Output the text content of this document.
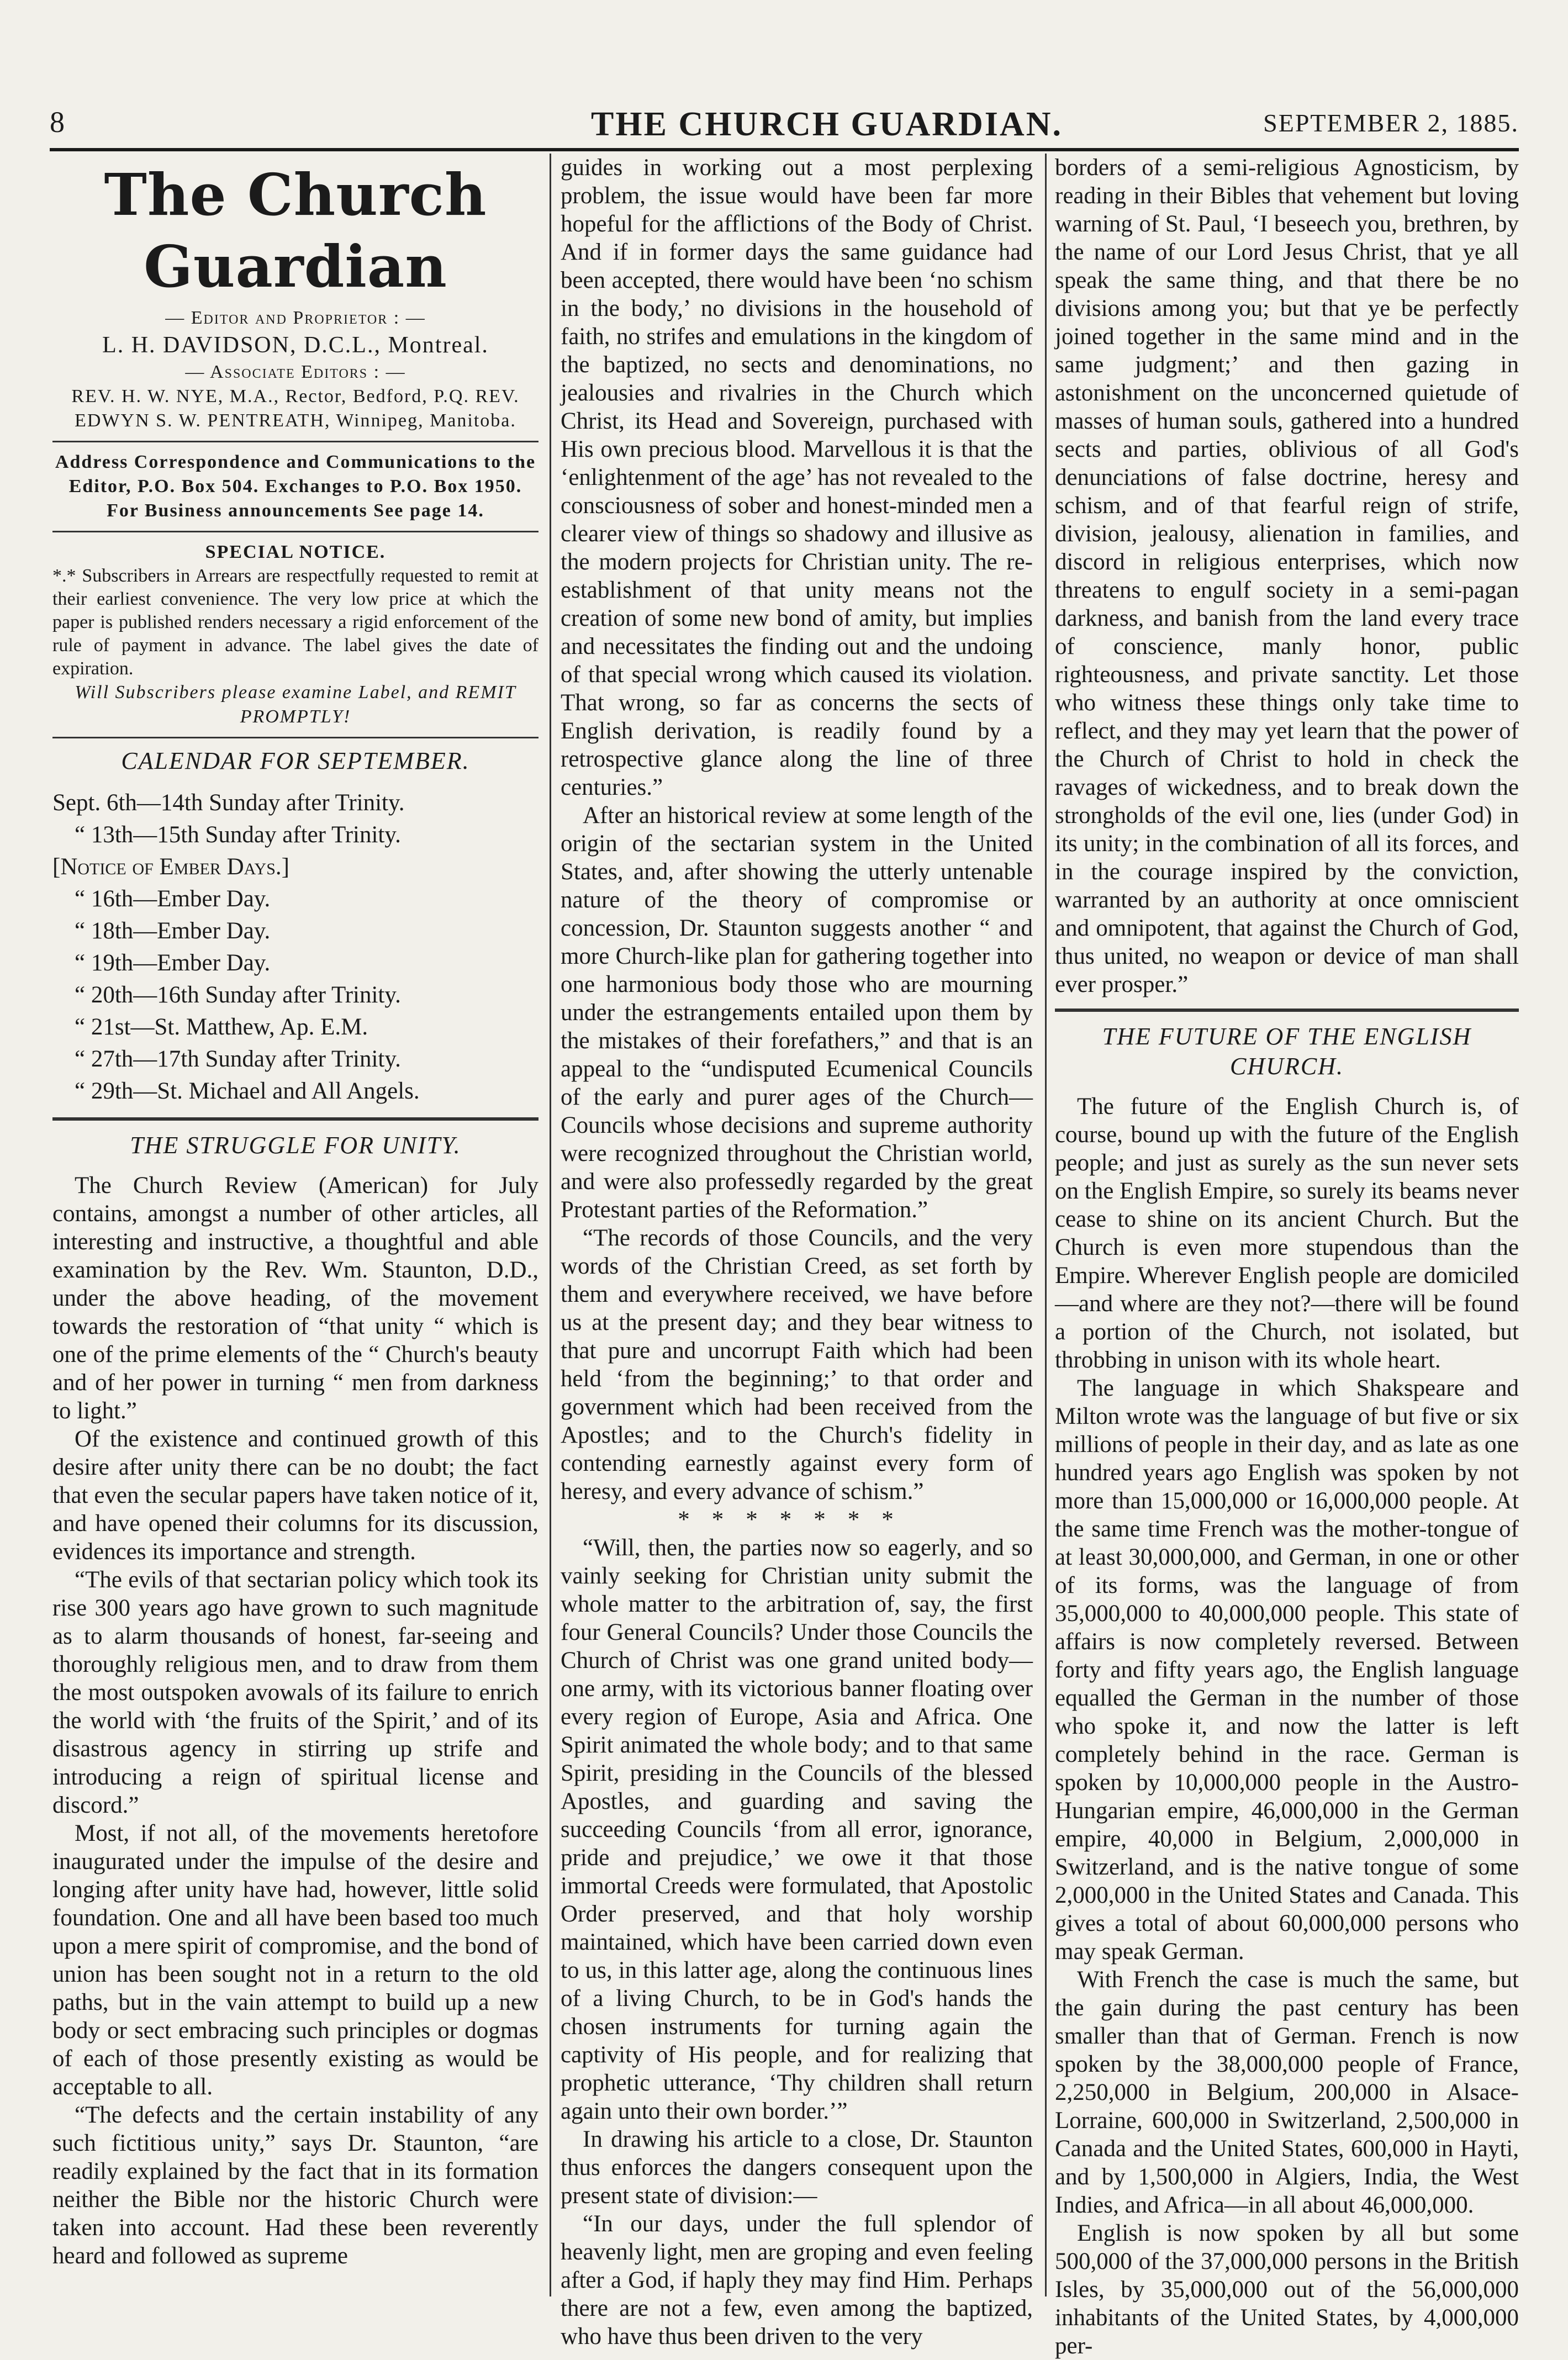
8	THE CHURCH GUARDIAN.	SEPTEMBER 2, 1885.
The Church Guardian
— Editor and Proprietor : —
L. H. DAVIDSON, D.C.L., Montreal.
— Associate Editors : —
REV. H. W. NYE, M.A., Rector, Bedford, P.Q. REV. EDWYN S. W. PENTREATH, Winnipeg, Manitoba.
Address Correspondence and Communications to the Editor, P.O. Box 504. Exchanges to P.O. Box 1950. For Business announcements See page 14.
SPECIAL NOTICE.
*.* Subscribers in Arrears are respectfully requested to remit at their earliest convenience. The very low price at which the paper is published renders necessary a rigid enforcement of the rule of payment in advance. The label gives the date of expiration.
Will Subscribers please examine Label, and REMIT PROMPTLY!
CALENDAR FOR SEPTEMBER.
Sept. 6th—14th Sunday after Trinity.
“ 13th—15th Sunday after Trinity.
[Notice of Ember Days.]
“ 16th—Ember Day.
“ 18th—Ember Day.
“ 19th—Ember Day.
“ 20th—16th Sunday after Trinity.
“ 21st—St. Matthew, Ap. E.M.
“ 27th—17th Sunday after Trinity.
“ 29th—St. Michael and All Angels.
THE STRUGGLE FOR UNITY.

The Church Review (American) for July contains, amongst a number of other articles, all interesting and instructive, a thoughtful and able examination by the Rev. Wm. Staunton, D.D., under the above heading, of the movement towards the restoration of “that unity “ which is one of the prime elements of the “ Church's beauty and of her power in turning “ men from darkness to light.”

Of the existence and continued growth of this desire after unity there can be no doubt; the fact that even the secular papers have taken notice of it, and have opened their columns for its discussion, evidences its importance and strength.

“The evils of that sectarian policy which took its rise 300 years ago have grown to such magnitude as to alarm thousands of honest, far-seeing and thoroughly religious men, and to draw from them the most outspoken avowals of its failure to enrich the world with ‘the fruits of the Spirit,’ and of its disastrous agency in stirring up strife and introducing a reign of spiritual license and discord.”

Most, if not all, of the movements heretofore inaugurated under the impulse of the desire and longing after unity have had, however, little solid foundation. One and all have been based too much upon a mere spirit of compromise, and the bond of union has been sought not in a return to the old paths, but in the vain attempt to build up a new body or sect embracing such principles or dogmas of each of those presently existing as would be acceptable to all.

“The defects and the certain instability of any such fictitious unity,” says Dr. Staunton, “are readily explained by the fact that in its formation neither the Bible nor the historic Church were taken into account. Had these been reverently heard and followed as supreme

guides in working out a most perplexing problem, the issue would have been far more hopeful for the afflictions of the Body of Christ. And if in former days the same guidance had been accepted, there would have been ‘no schism in the body,’ no divisions in the household of faith, no strifes and emulations in the kingdom of the baptized, no sects and denominations, no jealousies and rivalries in the Church which Christ, its Head and Sovereign, purchased with His own precious blood. Marvellous it is that the ‘enlightenment of the age’ has not revealed to the consciousness of sober and honest-minded men a clearer view of things so shadowy and illusive as the modern projects for Christian unity. The re-establishment of that unity means not the creation of some new bond of amity, but implies and necessitates the finding out and the undoing of that special wrong which caused its violation. That wrong, so far as concerns the sects of English derivation, is readily found by a retrospective glance along the line of three centuries.”

After an historical review at some length of the origin of the sectarian system in the United States, and, after showing the utterly untenable nature of the theory of compromise or concession, Dr. Staunton suggests another “ and more Church-like plan for gathering together into one harmonious body those who are mourning under the estrangements entailed upon them by the mistakes of their forefathers,” and that is an appeal to the “undisputed Ecumenical Councils of the early and purer ages of the Church—Councils whose decisions and supreme authority were recognized throughout the Christian world, and were also professedly regarded by the great Protestant parties of the Reformation.”

“The records of those Councils, and the very words of the Christian Creed, as set forth by them and everywhere received, we have before us at the present day; and they bear witness to that pure and uncorrupt Faith which had been held ‘from the beginning;’ to that order and government which had been received from the Apostles; and to the Church's fidelity in contending earnestly against every form of heresy, and every advance of schism.”

*******

“Will, then, the parties now so eagerly, and so vainly seeking for Christian unity submit the whole matter to the arbitration of, say, the first four General Councils? Under those Councils the Church of Christ was one grand united body—one army, with its victorious banner floating over every region of Europe, Asia and Africa. One Spirit animated the whole body; and to that same Spirit, presiding in the Councils of the blessed Apostles, and guarding and saving the succeeding Councils ‘from all error, ignorance, pride and prejudice,’ we owe it that those immortal Creeds were formulated, that Apostolic Order preserved, and that holy worship maintained, which have been carried down even to us, in this latter age, along the continuous lines of a living Church, to be in God's hands the chosen instruments for turning again the captivity of His people, and for realizing that prophetic utterance, ‘Thy children shall return again unto their own border.’”

In drawing his article to a close, Dr. Staunton thus enforces the dangers consequent upon the present state of division:—

“In our days, under the full splendor of heavenly light, men are groping and even feeling after a God, if haply they may find Him. Perhaps there are not a few, even among the baptized, who have thus been driven to the very

borders of a semi-religious Agnosticism, by reading in their Bibles that vehement but loving warning of St. Paul, ‘I beseech you, brethren, by the name of our Lord Jesus Christ, that ye all speak the same thing, and that there be no divisions among you; but that ye be perfectly joined together in the same mind and in the same judgment;’ and then gazing in astonishment on the unconcerned quietude of masses of human souls, gathered into a hundred sects and parties, oblivious of all God's denunciations of false doctrine, heresy and schism, and of that fearful reign of strife, division, jealousy, alienation in families, and discord in religious enterprises, which now threatens to engulf society in a semi-pagan darkness, and banish from the land every trace of conscience, manly honor, public righteousness, and private sanctity. Let those who witness these things only take time to reflect, and they may yet learn that the power of the Church of Christ to hold in check the ravages of wickedness, and to break down the strongholds of the evil one, lies (under God) in its unity; in the combination of all its forces, and in the courage inspired by the conviction, warranted by an authority at once omniscient and omnipotent, that against the Church of God, thus united, no weapon or device of man shall ever prosper.”

THE FUTURE OF THE ENGLISH CHURCH.

The future of the English Church is, of course, bound up with the future of the English people; and just as surely as the sun never sets on the English Empire, so surely its beams never cease to shine on its ancient Church. But the Church is even more stupendous than the Empire. Wherever English people are domiciled—and where are they not?—there will be found a portion of the Church, not isolated, but throbbing in unison with its whole heart.

The language in which Shakspeare and Milton wrote was the language of but five or six millions of people in their day, and as late as one hundred years ago English was spoken by not more than 15,000,000 or 16,000,000 people. At the same time French was the mother-tongue of at least 30,000,000, and German, in one or other of its forms, was the language of from 35,000,000 to 40,000,000 people. This state of affairs is now completely reversed. Between forty and fifty years ago, the English language equalled the German in the number of those who spoke it, and now the latter is left completely behind in the race. German is spoken by 10,000,000 people in the Austro-Hungarian empire, 46,000,000 in the German empire, 40,000 in Belgium, 2,000,000 in Switzerland, and is the native tongue of some 2,000,000 in the United States and Canada. This gives a total of about 60,000,000 persons who may speak German.

With French the case is much the same, but the gain during the past century has been smaller than that of German. French is now spoken by the 38,000,000 people of France, 2,250,000 in Belgium, 200,000 in Alsace-Lorraine, 600,000 in Switzerland, 2,500,000 in Canada and the United States, 600,000 in Hayti, and by 1,500,000 in Algiers, India, the West Indies, and Africa—in all about 46,000,000.

English is now spoken by all but some 500,000 of the 37,000,000 persons in the British Isles, by 35,000,000 out of the 56,000,000 inhabitants of the United States, by 4,000,000 per-
